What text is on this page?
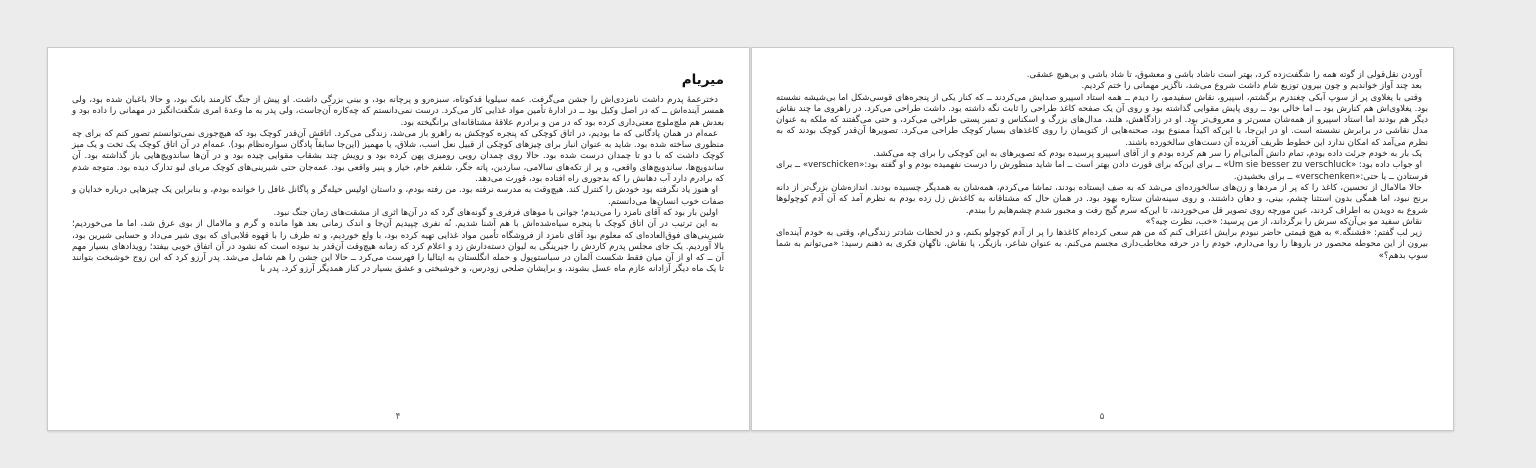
میریام

دخترعمهٔ پدرم داشت نامزدی‌اش را جشن می‌گرفت. عمه سیلویا قدکوتاه، سبزه‌رو و پرچانه بود، و بینی بزرگی داشت. او پیش از جنگ کارمند بانک بود، و حالا باغبان شده بود، ولی همسر آینده‌اش ــ که در اصل وکیل بود ــ در ادارهٔ تأمین مواد غذایی کار می‌کرد. درست نمی‌دانستم که چه‌کاره آن‌جاست، ولی پدر به ما وعدهٔ امری شگفت‌انگیز در مهمانی را داده بود و بعدش هم ملچ‌ملوچ معنی‌داری کرده بود که در من و برادرم علاقهٔ مشتاقانه‌ای برانگیخته بود.

عمه‌ام در همان پادگانی که ما بودیم، در اتاق کوچکی که پنجره کوچکش به راهرو باز می‌شد، زندگی می‌کرد. اتاقش آن‌قدر کوچک بود که هیچ‌جوری نمی‌توانستم تصور کنم که برای چه منظوری ساخته شده بود. شاید به عنوان انبار برای چیزهای کوچکی از قبیل نعل اسب، شلاق، یا مهمیز (این‌جا سابقاً پادگان سواره‌نظام بود). عمه‌ام در آن اتاق کوچک یک تخت و یک میز کوچک داشت که با دو تا چمدان درست شده بود. حالا روی چمدان رویی رومیزی پهن کرده بود و رویش چند بشقاب مقوایی چیده بود و در آن‌ها ساندویچ‌هایی باز گذاشته بود. آن ساندویچ‌ها، ساندویچ‌های واقعی، و پر از تکه‌های سالامی، ساردین، پاته جگر، شلغم خام، خیار و پنیر واقعی بود. عمه‌جان حتی شیرینی‌های کوچک مربای لبو تدارک دیده بود. متوجه شدم که برادرم دارد آب دهانش را که بدجوری راه افتاده بود، قورت می‌دهد.

او هنوز یاد نگرفته بود خودش را کنترل کند. هیچ‌وقت به مدرسه نرفته بود. من رفته بودم، و داستان اولیس حیله‌گر و پاگانل غافل را خوانده بودم، و بنابراین یک چیزهایی درباره خدایان و صفات خوب انسان‌ها می‌دانستم.

اولین بار بود که آقای نامزد را می‌دیدم؛ جوانی با موهای فرفری و گونه‌های گرد که در آن‌ها اثری از مشقت‌های زمان جنگ نبود.

به این ترتیب در آن اتاق کوچک با پنجره سیاه‌شده‌اش با هم آشنا شدیم. نُه نفری چپیدیم آن‌جا و اندک زمانی بعد هوا مانده و گرم و مالامال از بوی عرق شد، اما ما می‌خوردیم؛ شیرینی‌های فوق‌العاده‌ای که معلوم بود آقای نامزد از فروشگاه تأمین مواد غذایی تهیه کرده بود، با ولع خوردیم، و ته ظرف را با قهوه قلابی‌ای که بوی شیر می‌داد و حسابی شیرین بود، بالا آوردیم. یک جای مجلس پدرم کاردش را جیرینگی به لیوان دسته‌دارش زد و اعلام کرد که زمانه هیچ‌وقت آن‌قدر بد نبوده است که نشود در آن اتفاق خوبی بیفتد؛ رویدادهای بسیار مهم آن ــ که او از آن میان فقط شکست آلمان در سباستوپول و حمله انگلستان به ایتالیا را فهرست می‌کرد ــ حالا این جشن را هم شامل می‌شد. پدر آرزو کرد که این زوج خوشبخت بتوانند تا یک ماه دیگر آزادانه عازم ماه عسل بشوند، و برایشان صلحی زودرس، و خوشبختی و عشق بسیار در کنار همدیگر آرزو کرد. پدر با

۴

آوردن نقل‌قولی از گوته همه را شگفت‌زده کرد، بهتر است ناشاد باشی و معشوق، تا شاد باشی و بی‌هیچ عشقی.

بعد چند آواز خواندیم و چون بیرون توزیع شام داشت شروع می‌شد، ناگزیر مهمانی را ختم کردیم.

وقتی با یغلاوی پر از سوپ آبکی چغندرم برگشتم، اسپیرو، نقاش سفیدمو، را دیدم ــ همه استاد اسپیرو صدایش می‌کردند ــ که کنار یکی از پنجره‌های قوسی‌شکل اما بی‌شیشه نشسته بود. یغلاوی‌اش هم کنارش بود ــ اما خالی بود ــ روی پایش مقوایی گذاشته بود و روی آن یک صفحه کاغذ طراحی را ثابت نگه داشته بود. داشت طراحی می‌کرد. در راهروی ما چند نقاش دیگر هم بودند اما استاد اسپیرو از همه‌شان مسن‌تر و معروف‌تر بود. او در زادگاهش، هلند، مدال‌های بزرگ و اسکناس و تمبر پستی طراحی می‌کرد، و حتی می‌گفتند که ملکه به عنوان مدل نقاشی در برابرش نشسته است. او در این‌جا، با این‌که اکیداً ممنوع بود، صحنه‌هایی از کتویمان را روی کاغذهای بسیار کوچک طراحی می‌کرد. تصویرها آن‌قدر کوچک بودند که به نظرم می‌آمد که امکان ندارد این خطوط ظریف آفریده آن دست‌های سالخورده باشند.

یک بار به خودم جرئت داده بودم، تمام دانش آلمانی‌ام را سر هم کرده بودم و از آقای اسپیرو پرسیده بودم که تصویرهای به این کوچکی را برای چه می‌کشد.

او جواب داده بود: «Um sie besser zu verschluck» ــ برای این‌که برای قورت دادن بهتر است ــ اما شاید منظورش را درست نفهمیده بودم و او گفته بود:«verschicken» ــ برای فرستادن ــ یا حتی:«verschenken» ــ برای بخشیدن.

حالا مالامال از تحسین، کاغذ را که پر از مردها و زن‌های سالخورده‌ای می‌شد که به صف ایستاده بودند، تماشا می‌کردم، همه‌شان به همدیگر چسبیده بودند. اندازه‌شان بزرگ‌تر از دانه برنج نبود، اما همگی بدون استثنا چشم، بینی، و دهان داشتند، و روی سینه‌شان ستاره یهود بود. در همان حال که مشتاقانه به کاغذش زل زده بودم به نظرم آمد که آن آدم کوچولوها شروع به دویدن به اطراف کردند، عین مورچه روی تصویر قل می‌خوردند، تا این‌که سرم گیج رفت و مجبور شدم چشم‌هایم را ببندم.

نقاش سفید مو بی‌آن‌که سرش را برگرداند، از من پرسید: «خب، نظرت چیه؟»

زیر لب گفتم: «قشنگه.» به هیچ قیمتی حاضر نبودم برایش اعتراف کنم که من هم سعی کرده‌ام کاغذها را پر از آدم کوچولو بکنم، و در لحظات شادتر زندگی‌ام، وقتی به خودم آینده‌ای بیرون از این محوطه محصور در باروها را روا می‌دارم، خودم را در حرفه مخاطب‌داری مجسم می‌کنم. به عنوان شاعر، بازیگر، یا نقاش. ناگهان فکری به ذهنم رسید: «می‌توانم به شما سوپ بدهم؟»

۵
